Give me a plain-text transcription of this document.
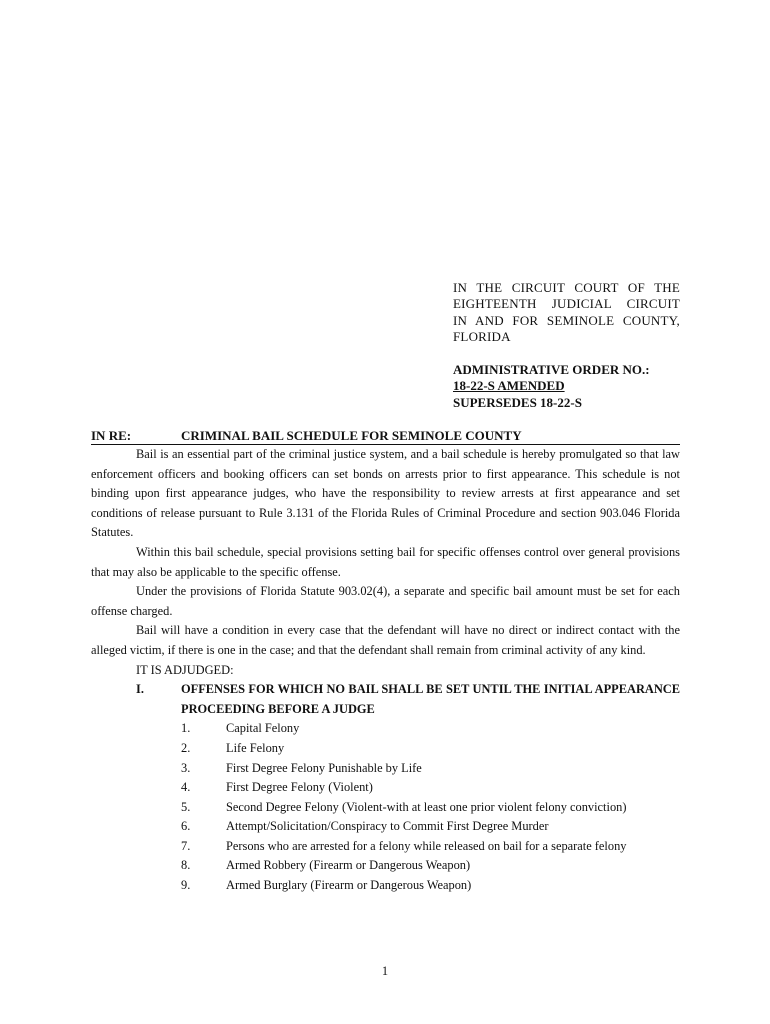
IN THE CIRCUIT COURT OF THE
EIGHTEENTH JUDICIAL CIRCUIT
IN AND FOR SEMINOLE COUNTY,
FLORIDA
ADMINISTRATIVE ORDER NO.:
18-22-S AMENDED
SUPERSEDES 18-22-S
IN RE:	CRIMINAL BAIL SCHEDULE FOR SEMINOLE COUNTY

Bail is an essential part of the criminal justice system, and a bail schedule is hereby promulgated so that law enforcement officers and booking officers can set bonds on arrests prior to first appearance. This schedule is not binding upon first appearance judges, who have the responsibility to review arrests at first appearance and set conditions of release pursuant to Rule 3.131 of the Florida Rules of Criminal Procedure and section 903.046 Florida Statutes.

Within this bail schedule, special provisions setting bail for specific offenses control over general provisions that may also be applicable to the specific offense.

Under the provisions of Florida Statute 903.02(4), a separate and specific bail amount must be set for each offense charged.

Bail will have a condition in every case that the defendant will have no direct or indirect contact with the alleged victim, if there is one in the case; and that the defendant shall remain from criminal activity of any kind.

IT IS ADJUDGED:
I.	OFFENSES FOR WHICH NO BAIL SHALL BE SET UNTIL THE INITIAL APPEARANCE PROCEEDING BEFORE A JUDGE
1.	Capital Felony
2.	Life Felony
3.	First Degree Felony Punishable by Life
4.	First Degree Felony (Violent)
5.	Second Degree Felony (Violent-with at least one prior violent felony conviction)
6.	Attempt/Solicitation/Conspiracy to Commit First Degree Murder
7.	Persons who are arrested for a felony while released on bail for a separate felony
8.	Armed Robbery (Firearm or Dangerous Weapon)
9.	Armed Burglary (Firearm or Dangerous Weapon)
1
